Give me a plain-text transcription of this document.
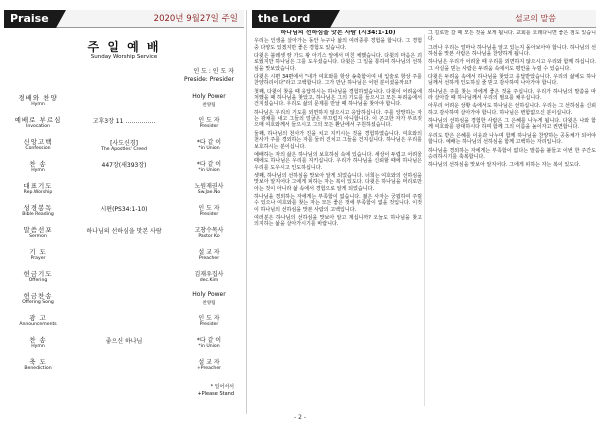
Praise	2020년 9월27일 주일	the Lord	설교의 말씀
주 일 예 배
Sunday Worship Service
인 도 : 인 도 자
Preside: Presider
경배와 찬양
Hymn
Holy Power
찬양팀
예배로 부르심
Invocation
고후3장 11 ……………	인 도 자
Presider
신앙고백
Confession
[사도신경]
The Apostles' Creed
*다 같 이
*in Union
찬 송
Hymn
447장(새393장)	*다 같 이
*in Union
대표기도
Rep.Worship
노원재권사
Sw.Jae.No
성경봉독
Bible Reading
시편(PS34:1-10)	인 도 자
Presider
말씀선포
Sermon
하나님의 선하심을 맛본 사람	고창수목사
Pastor Ko
기 도
Prayer
설 교 자
Preacher
헌금기도
Offering
김재우집사
dec.Kim
헌금찬송
Offering Song
Holy Power
찬양팀
광 고
Announcements
인 도 자
Presider
찬 송
Hymn
좋으신 하나님	*다 같 이
*in Union
축 도
Benediction
설 교 자
+Preacher
* 일어서서
+Please Stand
하나님의 선하심을 맛본 사람 (시34:1-10)

우리는 인생을 살아가는 동안 누구나 삶의 여러종류 경험을 합니다. 그 경험 중 다양도 있겠지만 좋은 경험도 있습니다.

다윗은 블레셋 땅 가드 왕 아기스 앞에서 미친 체했습니다. 다윗의 마음은 괴로웠지만 하나님은 그를 도우셨습니다. 다윗은 그 일을 통하여 하나님의 선하심을 맛보았습니다.

다윗은 시편 34편에서 "내가 여호와를 항상 송축함이여 내 입술로 항상 주를 찬양하리이다"라고 고백합니다. 그가 만난 하나님은 어떤 분이셨을까요?

첫째, 다윗이 찾을 때 응답하시는 하나님을 경험하였습니다. 다윗이 어려움에 처했을 때 하나님을 찾았고, 하나님은 그의 기도를 들으시고 모든 두려움에서 건지셨습니다. 우리도 삶의 문제를 만날 때 하나님을 찾아야 합니다.

하나님은 우리의 기도를 외면하지 않으시고 응답하십니다. 주를 앙망하는 자는 광채를 내고 그들의 얼굴은 부끄럽지 아니합니다. 이 곤고한 자가 부르짖으매 여호와께서 들으시고 그의 모든 환난에서 구원하셨습니다.

둘째, 하나님의 천사가 진을 치고 지키시는 것을 경험하였습니다. 여호와의 천사가 주를 경외하는 자를 둘러 진치고 그들을 건지십니다. 하나님은 우리를 보호하시는 분이십니다.

예배하는 자의 삶은 하나님의 보호하심 속에 있습니다. 세상이 두렵고 어려울 때에도 하나님은 우리를 지키십니다. 우리가 하나님을 신뢰할 때에 하나님은 우리를 도우시고 인도하십니다.

셋째, 하나님의 선하심을 맛보아 알게 되었습니다. 너희는 여호와의 선하심을 맛보아 알지어다 그에게 피하는 자는 복이 있도다. 다윗은 하나님을 머리로만 아는 것이 아니라 삶 속에서 경험으로 알게 되었습니다.

하나님을 경외하는 자에게는 부족함이 없습니다. 젊은 사자는 궁핍하여 주릴 수 있으나 여호와를 찾는 자는 모든 좋은 것에 부족함이 없을 것입니다. 이것이 하나님의 선하심을 맛본 사람의 고백입니다.

여러분은 하나님의 선하심을 맛보아 알고 계십니까? 오늘도 하나님을 찾고 의지하는 삶을 살아가시기를 바랍니다.

그 길로만 갈 때 모든 것을 보게 됩니다. 교회를 오래다니면 좋은 점도 있습니다.

그러나 우리는 얼마나 하나님을 알고 있는지 돌아보아야 합니다. 하나님의 선하심을 맛본 사람은 하나님을 찬양하게 됩니다.

하나님은 우리가 어려울 때 우리를 외면하지 않으시고 우리와 함께 하십니다. 그 사실을 믿는 사람은 두려움 속에서도 평안을 누릴 수 있습니다.

다윗은 두려움 속에서 하나님을 찾았고 응답받았습니다. 우리의 삶에도 하나님께서 선하게 인도하실 줄 믿고 감사하며 나아가야 합니다.

하나님은 주를 찾는 자에게 좋은 것을 주십니다. 우리가 하나님의 말씀을 따라 살아갈 때 하나님께서 우리의 필요를 채우십니다.

아무리 어려운 상황 속에서도 하나님은 선하십니다. 우리는 그 선하심을 신뢰하고 감사하며 살아가야 합니다. 하나님은 변함없으신 분이십니다.

하나님의 선하심을 경험한 사람은 그 은혜를 나누게 됩니다. 다윗은 나와 함께 여호와를 광대하시다 하며 함께 그의 이름을 높이자고 권면합니다.

우리도 받은 은혜를 이웃과 나누며 함께 하나님을 찬양하는 공동체가 되어야 합니다. 예배는 하나님의 선하심을 함께 고백하는 자리입니다.

하나님을 경외하는 자에게는 부족함이 없다는 말씀을 붙들고 이번 한 주간도 승리하시기를 축복합니다.

하나님의 선하심을 맛보아 알지어다. 그에게 피하는 자는 복이 있도다.

- 2 -
